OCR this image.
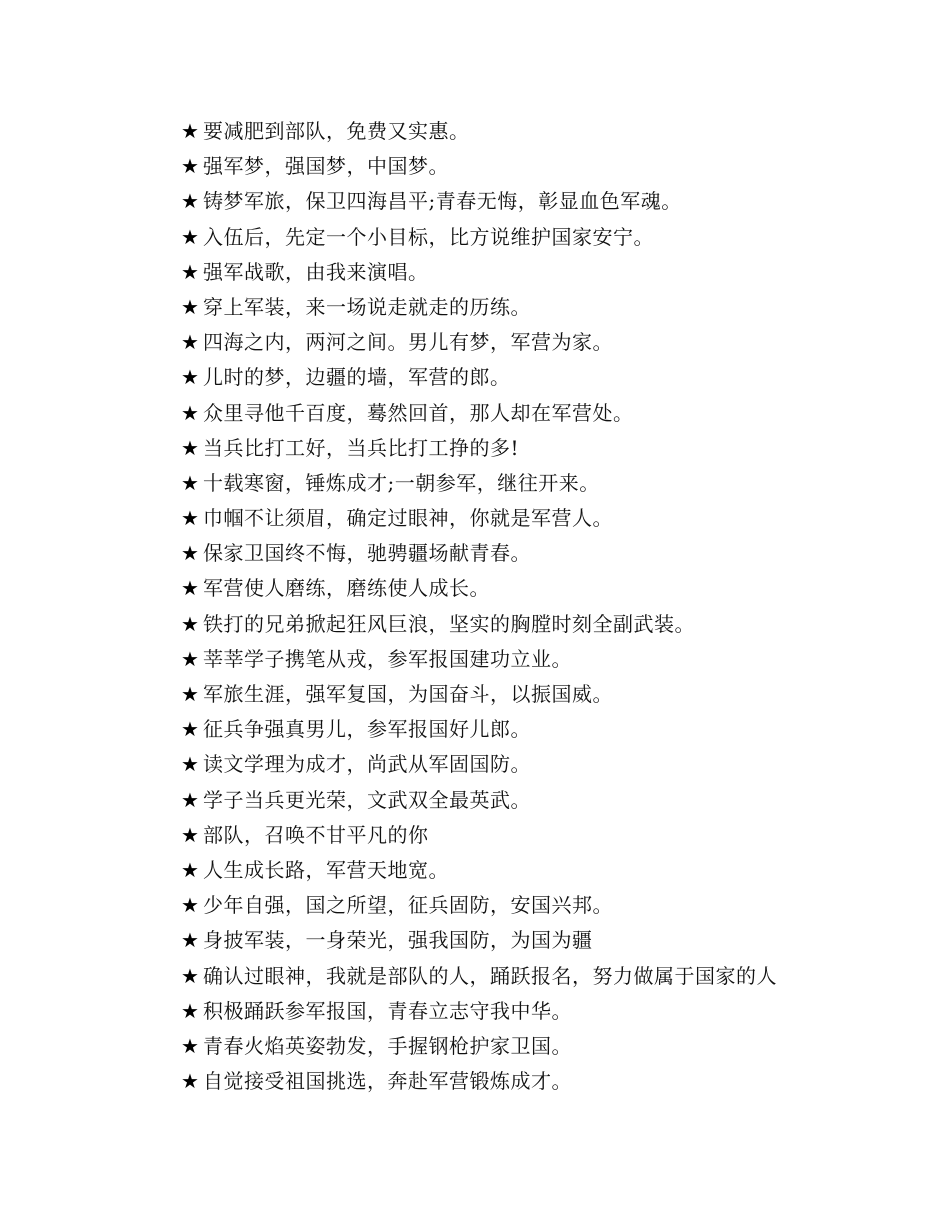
★ 要减肥到部队，免费又实惠。
★ 强军梦，强国梦，中国梦。
★ 铸梦军旅，保卫四海昌平;青春无悔，彰显血色军魂。
★ 入伍后，先定一个小目标，比方说维护国家安宁。
★ 强军战歌，由我来演唱。
★ 穿上军装，来一场说走就走的历练。
★ 四海之内，两河之间。男儿有梦，军营为家。
★ 儿时的梦，边疆的墙，军营的郎。
★ 众里寻他千百度，蓦然回首，那人却在军营处。
★ 当兵比打工好，当兵比打工挣的多!
★ 十载寒窗，锤炼成才;一朝参军，继往开来。
★ 巾帼不让须眉，确定过眼神，你就是军营人。
★ 保家卫国终不悔，驰骋疆场献青春。
★ 军营使人磨练，磨练使人成长。
★ 铁打的兄弟掀起狂风巨浪，坚实的胸膛时刻全副武装。
★ 莘莘学子携笔从戎，参军报国建功立业。
★ 军旅生涯，强军复国，为国奋斗，以振国威。
★ 征兵争强真男儿，参军报国好儿郎。
★ 读文学理为成才，尚武从军固国防。
★ 学子当兵更光荣，文武双全最英武。
★ 部队，召唤不甘平凡的你
★ 人生成长路，军营天地宽。
★ 少年自强，国之所望，征兵固防，安国兴邦。
★ 身披军装，一身荣光，强我国防，为国为疆
★ 确认过眼神，我就是部队的人，踊跃报名，努力做属于国家的人
★ 积极踊跃参军报国，青春立志守我中华。
★ 青春火焰英姿勃发，手握钢枪护家卫国。
★ 自觉接受祖国挑选，奔赴军营锻炼成才。
